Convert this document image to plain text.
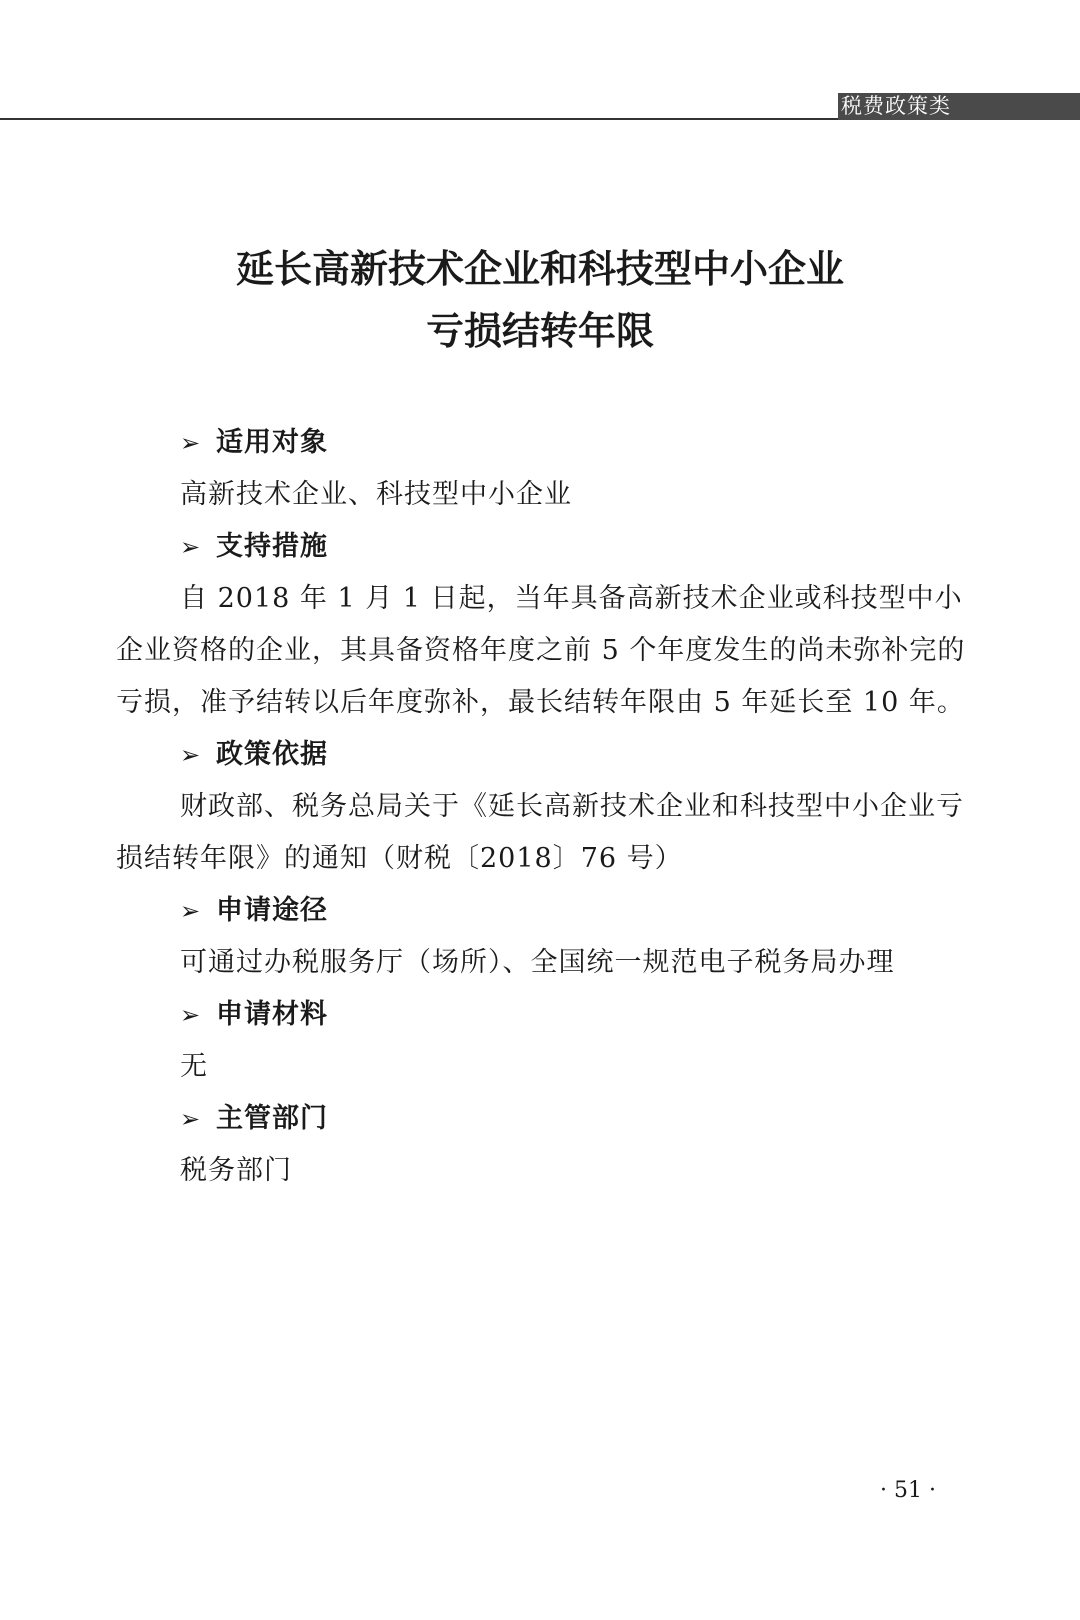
税费政策类
延长高新技术企业和科技型中小企业
亏损结转年限
➢ 适用对象
高新技术企业、科技型中小企业
➢ 支持措施
自 2018 年 1 月 1 日起，当年具备高新技术企业或科技型中小企业资格的企业，其具备资格年度之前 5 个年度发生的尚未弥补完的亏损，准予结转以后年度弥补，最长结转年限由 5 年延长至 10 年。
➢ 政策依据
财政部、税务总局关于《延长高新技术企业和科技型中小企业亏损结转年限》的通知（财税〔2018〕76 号）
➢ 申请途径
可通过办税服务厅（场所）、全国统一规范电子税务局办理
➢ 申请材料
无
➢ 主管部门
税务部门
· 51 ·
